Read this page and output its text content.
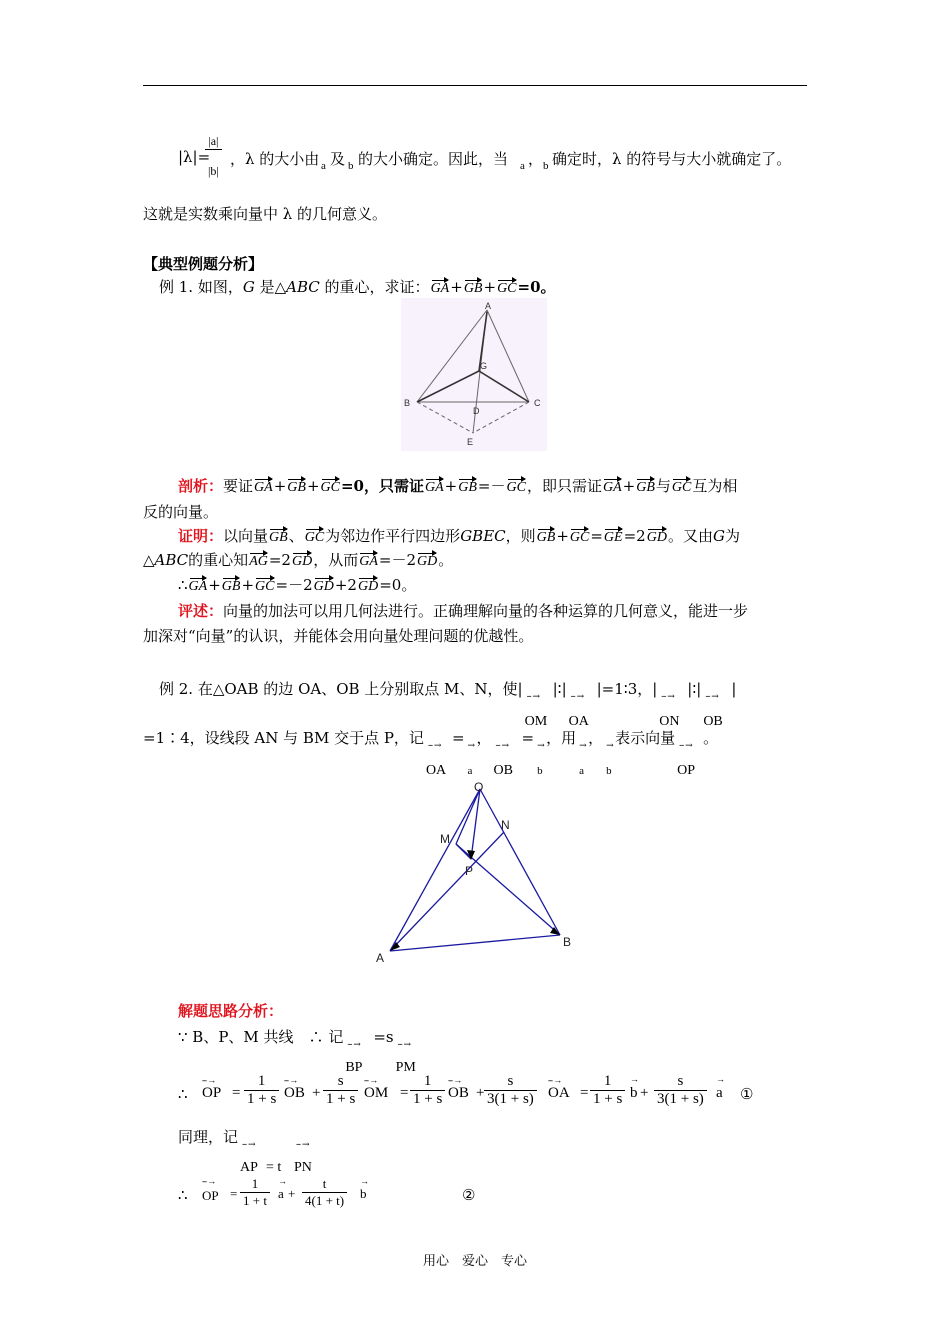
|λ|=
$\frac{|a|}{|b|}$ ，λ 的大小由 a 及 b 的大小确定。因此，当 a ， b 确定时，λ 的符号与大小就确定了。
这就是实数乘向量中 λ 的几何意义。
【典型例题分析】
例 1. 如图，G 是△ABC 的重心，求证：GA+GB+GC=0。
A
B	C
G
D
E
剖析：要证GA+GB+GC=0，只需证GA+GB=－GC，即只需证GA+GB与GC互为相
反的向量。
证明：以向量GB、GC为邻边作平行四边形GBEC，则GB+GC=GE=2GD。又由G为
△ABC的重心知AG=2GD，从而GA=－2GD。
∴GA+GB+GC=－2GD+2GD=0。
评述：向量的加法可以用几何法进行。正确理解向量的各种运算的几何意义，能进一步
加深对“向量”的认识，并能体会用向量处理问题的优越性。
例 2. 在△OAB 的边 OA、OB 上分别取点 M、N，使| -- →
OM
|∶| -- →
OA
|=1∶3，| -- →
ON
|∶| -- →
OB
|
=1∶4，设线段 AN 与 BM 交于点 P，记 -- →
OA
= →
a
， -- →
OB
= →
b
，用 →
a
， →
b
表示向量 -- →
OP
。
O
M
N
P
A
B
解题思路分析：
∵ B、P、M 共线　∴ 记 -- →
BP
=s -- →
PM
∴
-- →
OP = $\frac{1}{1 + s}$ -- →
OB + $\frac{s}{1 + s}$ -- →
OM = $\frac{1}{1 + s}$ -- →
OB + $\frac{s}{3(1 + s)}$ -- →
OA = $\frac{1}{1 + s}$ →
$b + \frac{s}{3(1 + s)}$ →
a ①
同理，记 -- →
AP
-- →
= t PN
∴
-- →
OP = $\frac{1}{1 + t}$ →
$a + \frac{t}{4(1 + t)}$ →
b	②
用心　爱心　专心
